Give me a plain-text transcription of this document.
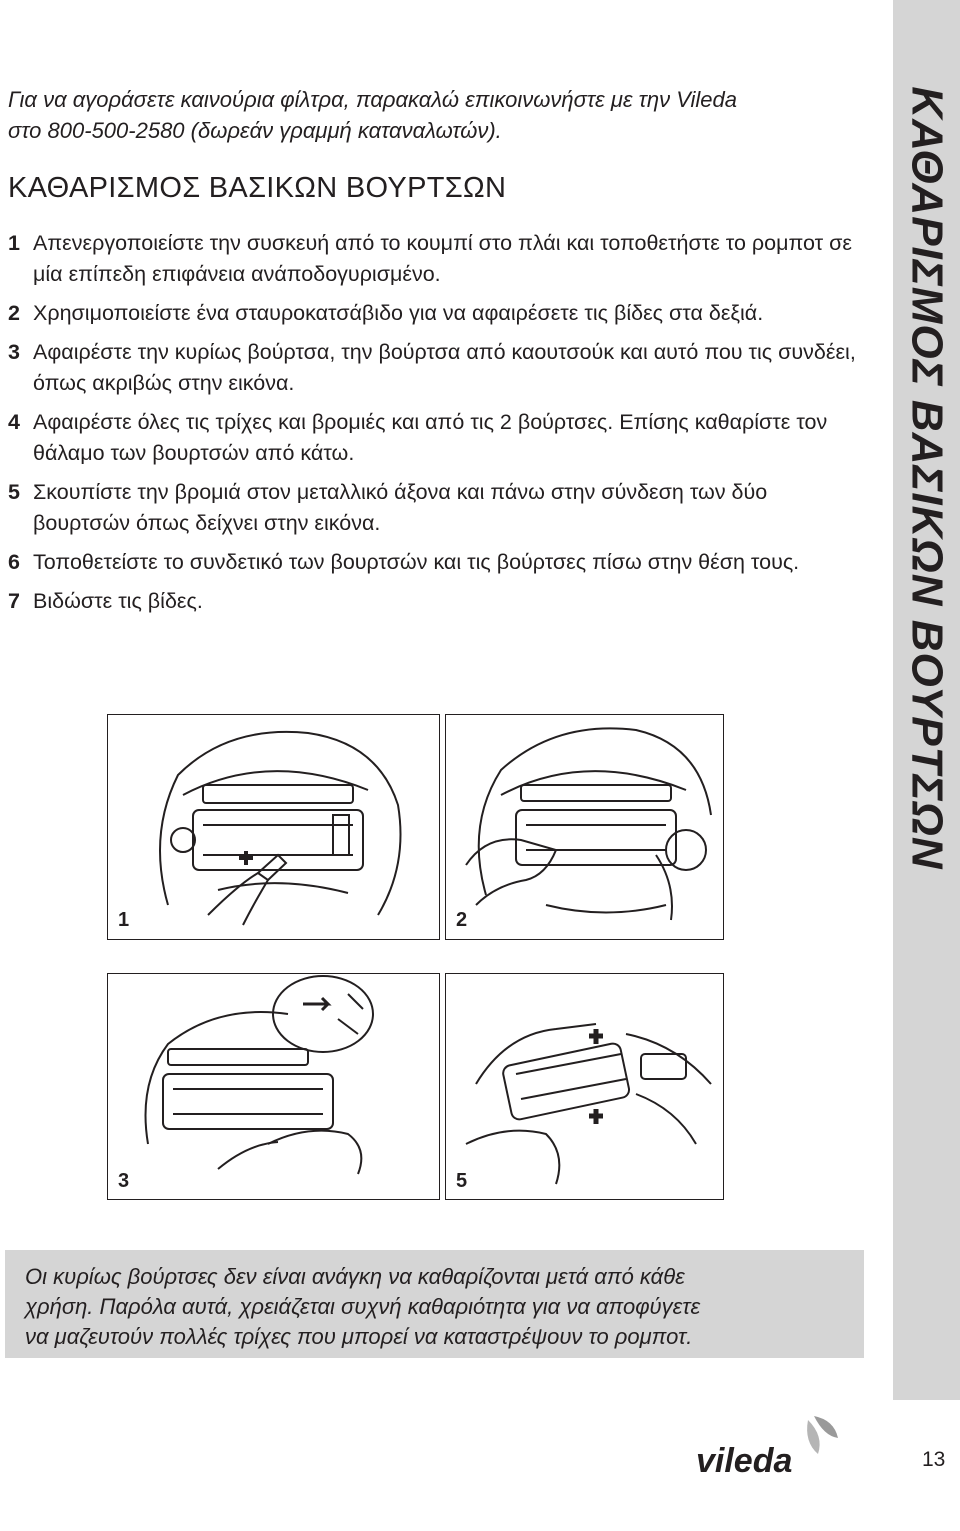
Για να αγοράσετε καινούρια φίλτρα, παρακαλώ επικοινωνήστε με την Vileda
στο 800-500-2580 (δωρεάν γραμμή καταναλωτών).

ΚΑΘΑΡΙΣΜΟΣ ΒΑΣΙΚΩΝ ΒΟΥΡΤΣΩΝ
1 Απενεργοποιείστε την συσκευή από το κουμπί στο πλάι και τοποθετήστε το ρομποτ σε μία επίπεδη επιφάνεια ανάποδογυρισμένο.
2 Χρησιμοποιείστε ένα σταυροκατσάβιδο για να αφαιρέσετε τις βίδες στα δεξιά.
3 Αφαιρέστε την κυρίως βούρτσα, την βούρτσα από καουτσούκ και αυτό που τις συνδέει, όπως ακριβώς στην εικόνα.
4 Αφαιρέστε όλες τις τρίχες και βρομιές και από τις 2 βούρτσες. Επίσης καθαρίστε τον θάλαμο των βουρτσών από κάτω.
5 Σκουπίστε την βρομιά στον μεταλλικό άξονα και πάνω στην σύνδεση των δύο βουρτσών όπως δείχνει στην εικόνα.
6 Τοποθετείστε το συνδετικό των βουρτσών και τις βούρτσες πίσω στην θέση τους.
7 Βιδώστε τις βίδες.	ΚΑΘΑΡΙΣΜΟΣ ΒΑΣΙΚΩΝ ΒΟΥΡΤΣΩΝ
1	2
3	5

Οι κυρίως βούρτσες δεν είναι ανάγκη να καθαρίζονται μετά από κάθε
χρήση. Παρόλα αυτά, χρειάζεται συχνή καθαριότητα για να αποφύγετε
να μαζευτούν πολλές τρίχες που μπορεί να καταστρέψουν το ρομποτ.

vileda	13
